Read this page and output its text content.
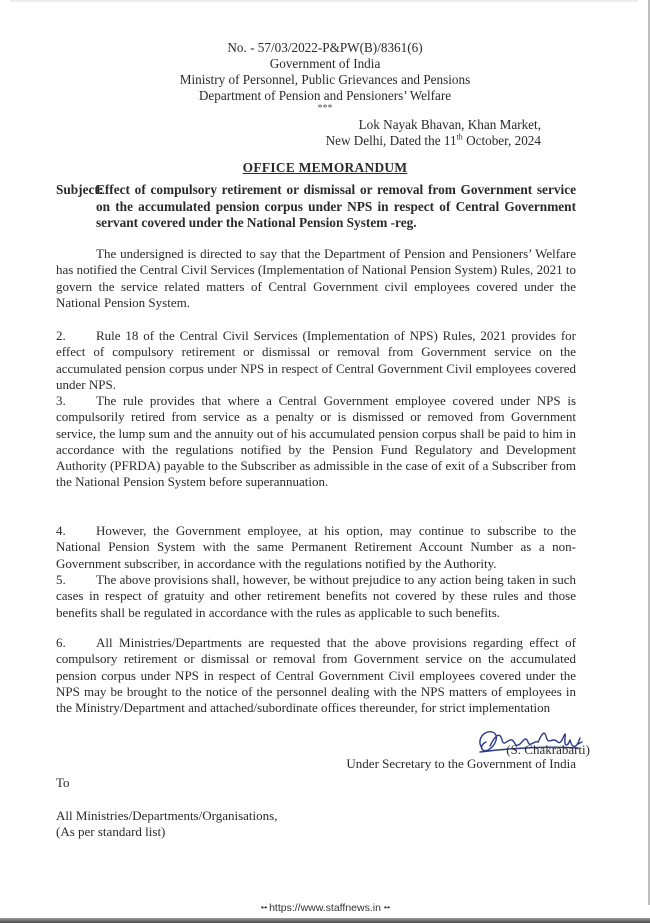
No. - 57/03/2022-P&PW(B)/8361(6)
Government of India
Ministry of Personnel, Public Grievances and Pensions
Department of Pension and Pensioners’ Welfare
***
Lok Nayak Bhavan, Khan Market,
New Delhi, Dated the 11th October, 2024
OFFICE MEMORANDUM
Subject:
Effect of compulsory retirement or dismissal or removal from Government service on the accumulated pension corpus under NPS in respect of Central Government servant covered under the National Pension System -reg.
The undersigned is directed to say that the Department of Pension and Pensioners’ Welfare has notified the Central Civil Services (Implementation of National Pension System) Rules, 2021 to govern the service related matters of Central Government civil employees covered under the National Pension System.
2. Rule 18 of the Central Civil Services (Implementation of NPS) Rules, 2021 provides for effect of compulsory retirement or dismissal or removal from Government service on the accumulated pension corpus under NPS in respect of Central Government Civil employees covered under NPS.
3. The rule provides that where a Central Government employee covered under NPS is compulsorily retired from service as a penalty or is dismissed or removed from Government service, the lump sum and the annuity out of his accumulated pension corpus shall be paid to him in accordance with the regulations notified by the Pension Fund Regulatory and Development Authority (PFRDA) payable to the Subscriber as admissible in the case of exit of a Subscriber from the National Pension System before superannuation.
4. However, the Government employee, at his option, may continue to subscribe to the National Pension System with the same Permanent Retirement Account Number as a non-Government subscriber, in accordance with the regulations notified by the Authority.
5. The above provisions shall, however, be without prejudice to any action being taken in such cases in respect of gratuity and other retirement benefits not covered by these rules and those benefits shall be regulated in accordance with the rules as applicable to such benefits.
6. All Ministries/Departments are requested that the above provisions regarding effect of compulsory retirement or dismissal or removal from Government service on the accumulated pension corpus under NPS in respect of Central Government Civil employees covered under the NPS may be brought to the notice of the personnel dealing with the NPS matters of employees in the Ministry/Department and attached/subordinate offices thereunder, for strict implementation
(S. Chakrabarti)
Under Secretary to the Government of India
To
All Ministries/Departments/Organisations,
(As per standard list)
•-• https://www.staffnews.in •-•
